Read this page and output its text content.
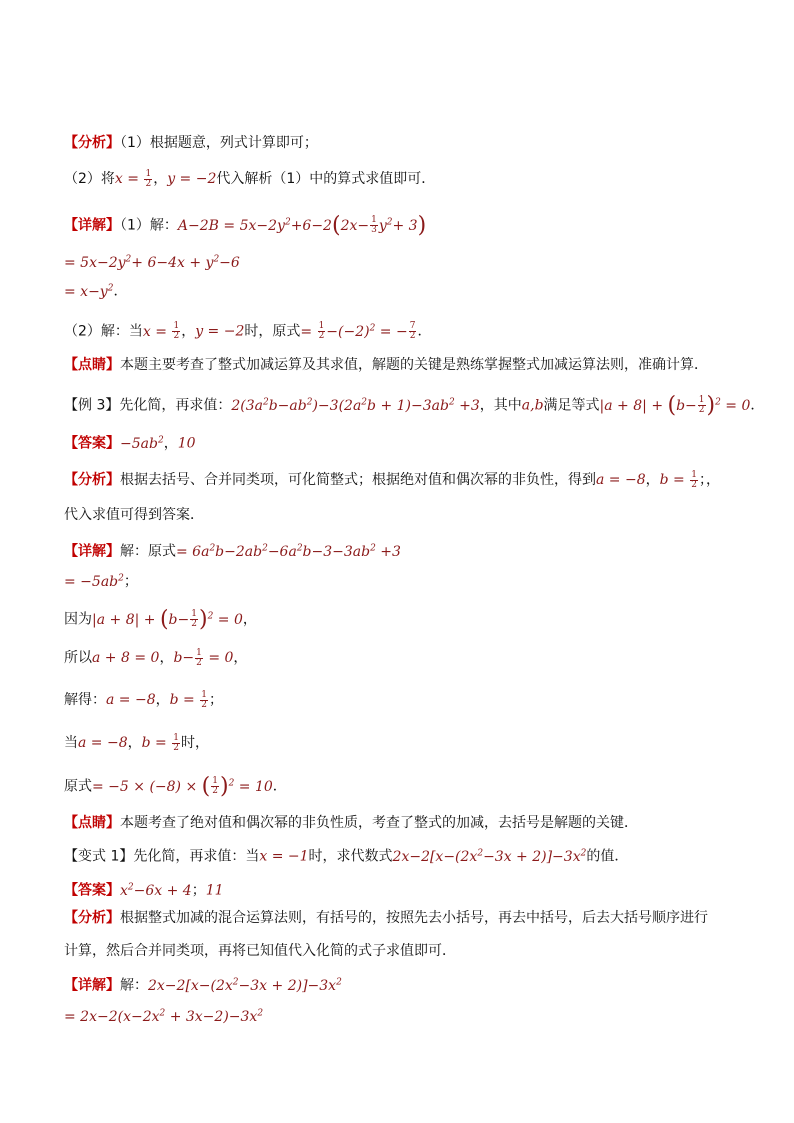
【分析】（1）根据题意，列式计算即可；
（2）将$x = \frac{1}{2}$ ，y = −2代入解析（1）中的算式求值即可．
【详解】（1）解：$A-2B = 5x-2y^2+6-2(2x- \frac{1}{3} y^2+ 3)$
= $5x-2y^2+ 6-4x + y^2-6$
= $x-y^2$．
（2）解：当$x = \frac{1}{2}$ ，y = −2时，原式= $\frac{1}{2} -(-2)^2$ = − $\frac{7}{2}$ ．
【点睛】本题主要考查了整式加减运算及其求值，解题的关键是熟练掌握整式加减运算法则，准确计算．
【例 3】先化简，再求值：$2(3a^2b-ab^2)-3(2a^2b + 1)-3ab^2 +3$，其中a,b满足等式$|a + 8| + (b- \frac{1}{2} )^2 = 0$．
【答案】$-5ab^2$，10
【分析】根据去括号、合并同类项，可化简整式；根据绝对值和偶次幂的非负性，得到a = −8，$b = \frac{1}{2}$ ；，
代入求值可得到答案．
【详解】解：原式= $6a^2b-2ab^2-6a^2b-3-3ab^2 +3$
= $-5ab^2$；
因为$|a + 8| + (b- \frac{1}{2} )^2 = 0$，
所以a + 8 = 0，$b- \frac{1}{2} = 0$，
解得：a = −8，$b = \frac{1}{2}$ ；
当a = −8，$b = \frac{1}{2}$ 时，
原式= −5 × (−8) × ( $\frac{1}{2} )^2 = 10$．
【点睛】本题考查了绝对值和偶次幂的非负性质，考查了整式的加减，去括号是解题的关键．
【变式 1】先化简，再求值：当x = −1时，求代数式$2x-2[x-(2x^2-3x + 2)]-3x^2$的值．
【答案】$x^2-6x + 4$；11
【分析】根据整式加减的混合运算法则，有括号的，按照先去小括号，再去中括号，后去大括号顺序进行
计算，然后合并同类项，再将已知值代入化简的式子求值即可．
【详解】解：$2x-2[x-(2x^2-3x + 2)]-3x^2$
= $2x-2(x-2x^2 + 3x-2)-3x^2$
